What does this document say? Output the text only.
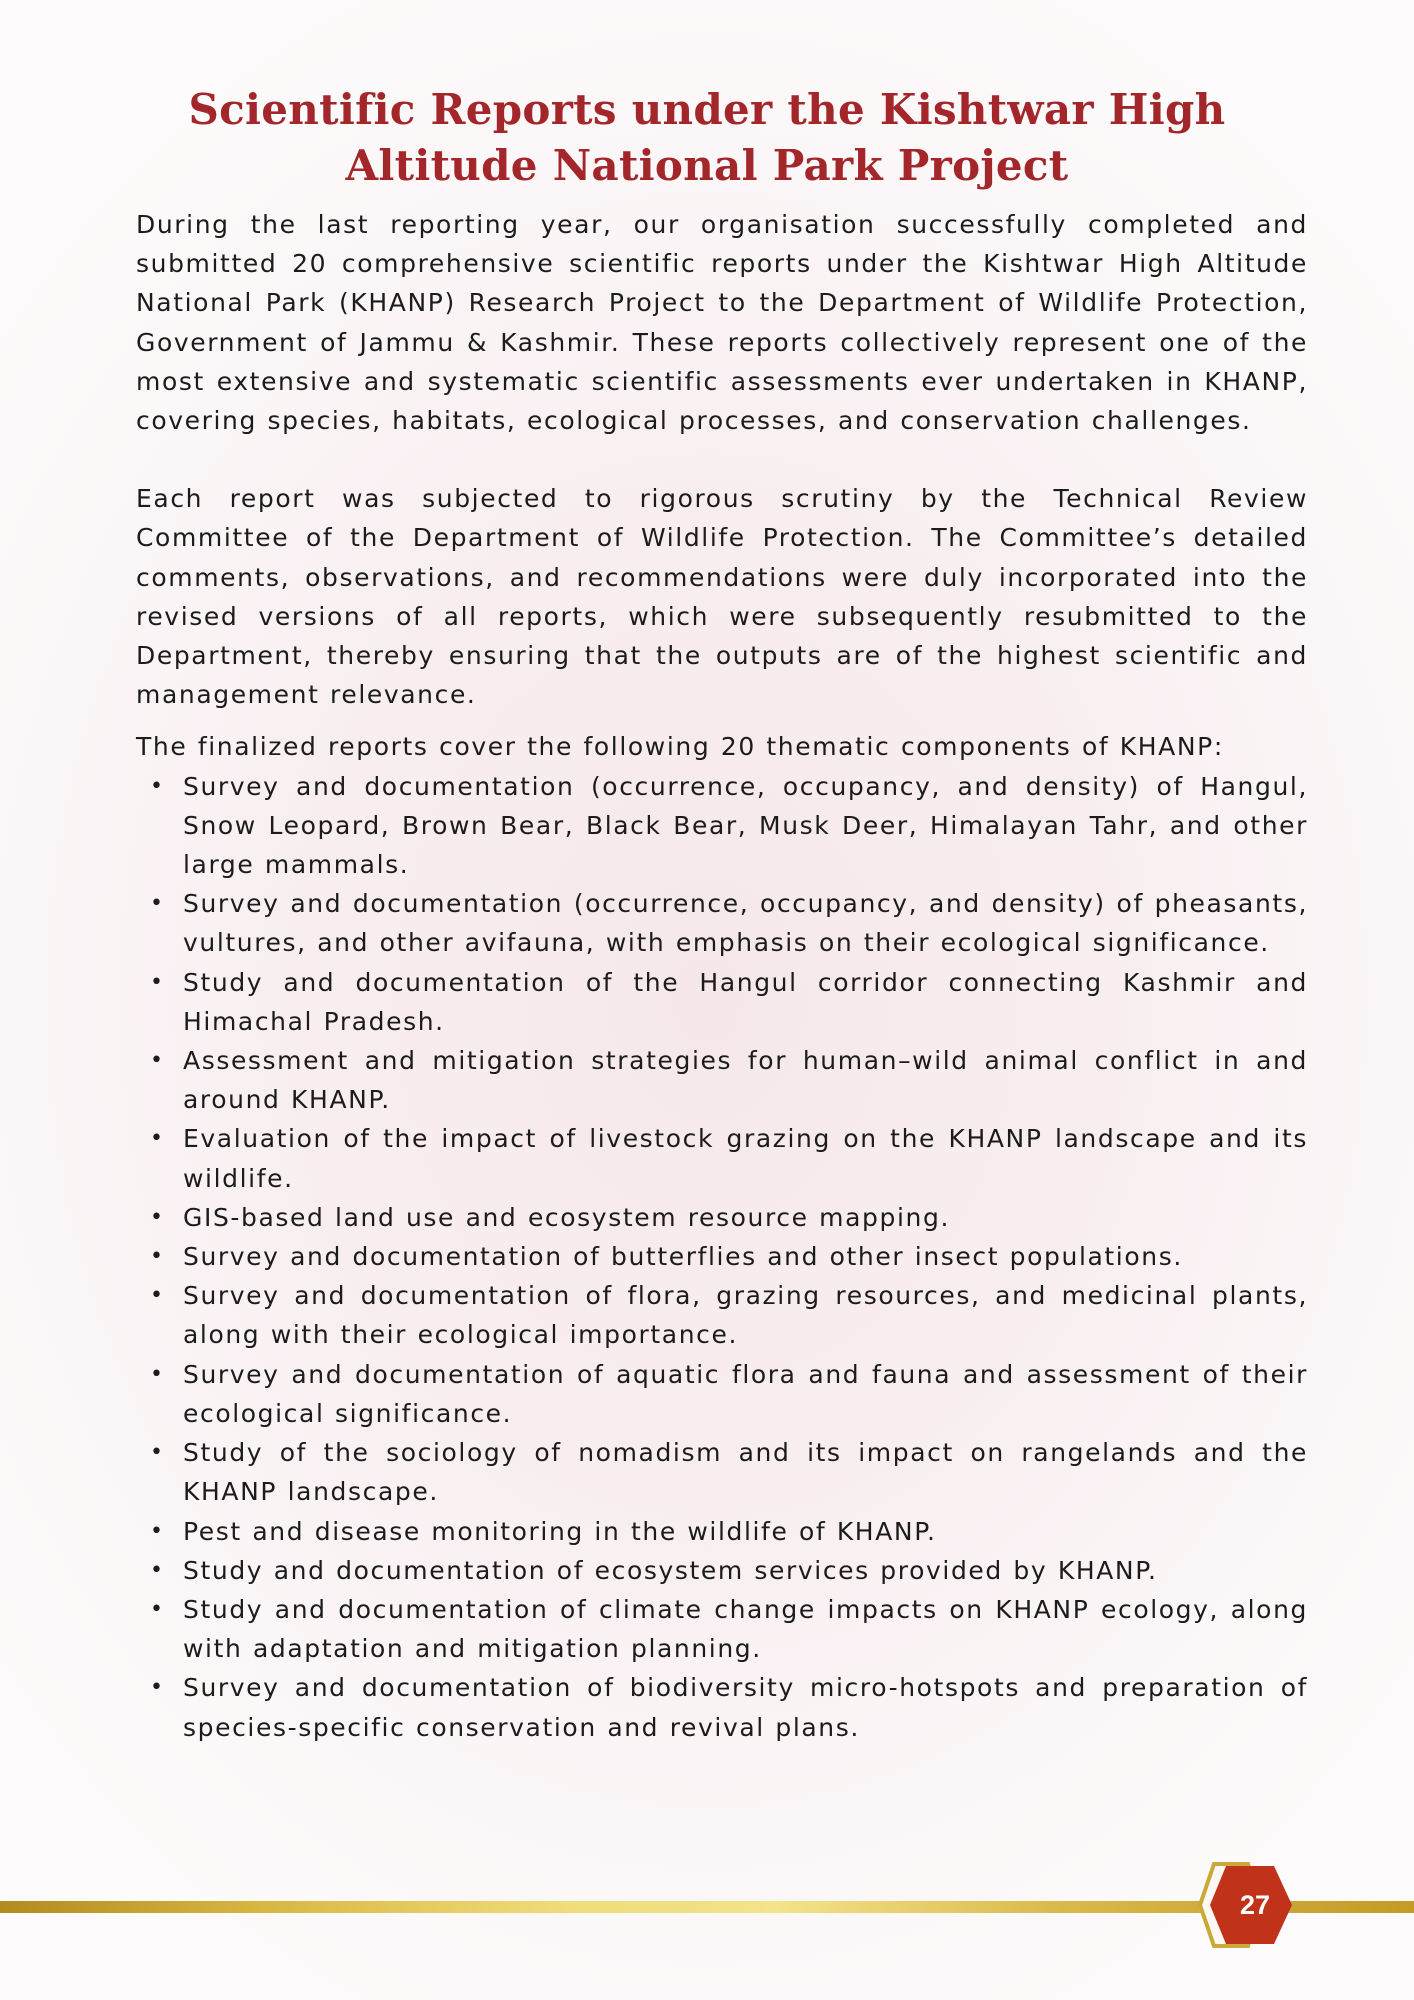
Scientific Reports under the Kishtwar High Altitude National Park Project

During the last reporting year, our organisation successfully completed and submitted 20 comprehensive scientific reports under the Kishtwar High Altitude National Park (KHANP) Research Project to the Department of Wildlife Protection, Government of Jammu & Kashmir. These reports collectively represent one of the most extensive and systematic scientific assessments ever undertaken in KHANP, covering species, habitats, ecological processes, and conservation challenges.

Each report was subjected to rigorous scrutiny by the Technical Review Committee of the Department of Wildlife Protection. The Committee’s detailed comments, observations, and recommendations were duly incorporated into the revised versions of all reports, which were subsequently resubmitted to the Department, thereby ensuring that the outputs are of the highest scientific and management relevance.

The finalized reports cover the following 20 thematic components of KHANP:

• Survey and documentation (occurrence, occupancy, and density) of Hangul, Snow Leopard, Brown Bear, Black Bear, Musk Deer, Himalayan Tahr, and other large mammals.
• Survey and documentation (occurrence, occupancy, and density) of pheasants, vultures, and other avifauna, with emphasis on their ecological significance.
• Study and documentation of the Hangul corridor connecting Kashmir and Himachal Pradesh.
• Assessment and mitigation strategies for human–wild animal conflict in and around KHANP.
• Evaluation of the impact of livestock grazing on the KHANP landscape and its wildlife.
• GIS-based land use and ecosystem resource mapping.
• Survey and documentation of butterflies and other insect populations.
• Survey and documentation of flora, grazing resources, and medicinal plants, along with their ecological importance.
• Survey and documentation of aquatic flora and fauna and assessment of their ecological significance.
• Study of the sociology of nomadism and its impact on rangelands and the KHANP landscape.
• Pest and disease monitoring in the wildlife of KHANP.
• Study and documentation of ecosystem services provided by KHANP.
• Study and documentation of climate change impacts on KHANP ecology, along with adaptation and mitigation planning.
• Survey and documentation of biodiversity micro-hotspots and preparation of species-specific conservation and revival plans.
27
